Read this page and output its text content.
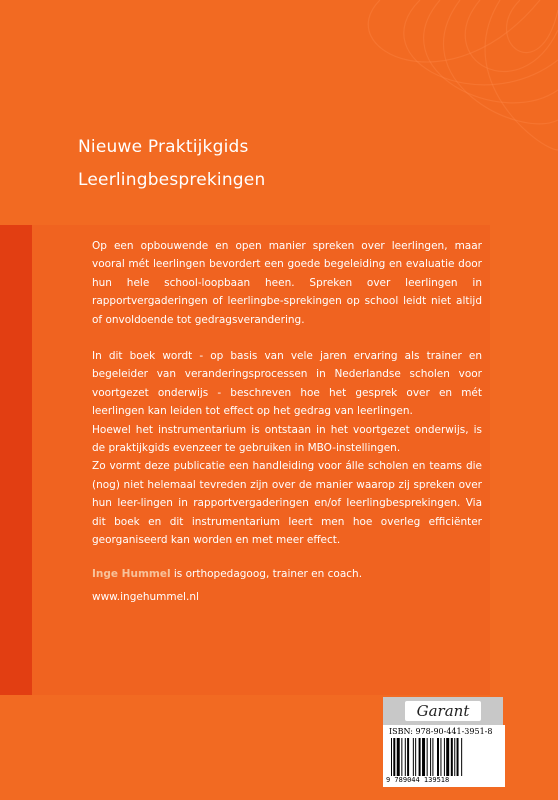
Nieuwe Praktijkgids
Leerlingbesprekingen

Op een opbouwende en open manier spreken over leerlingen, maar vooral mét leerlingen bevordert een goede begeleiding en evaluatie door hun hele school-loopbaan heen. Spreken over leerlingen in rapportvergaderingen of leerlingbe-sprekingen op school leidt niet altijd of onvoldoende tot gedragsverandering.

In dit boek wordt - op basis van vele jaren ervaring als trainer en begeleider van veranderingsprocessen in Nederlandse scholen voor voortgezet onderwijs - beschreven hoe het gesprek over en mét leerlingen kan leiden tot effect op het gedrag van leerlingen.

Hoewel het instrumentarium is ontstaan in het voortgezet onderwijs, is de praktijkgids evenzeer te gebruiken in MBO-instellingen.

Zo vormt deze publicatie een handleiding voor álle scholen en teams die (nog) niet helemaal tevreden zijn over de manier waarop zij spreken over hun leer-lingen in rapportvergaderingen en/of leerlingbesprekingen. Via dit boek en dit instrumentarium leert men hoe overleg efficiënter georganiseerd kan worden en met meer effect.

Inge Hummel is orthopedagoog, trainer en coach.
www.ingehummel.nl
Garant
ISBN: 978-90-441-3951-8
9 789044 139518
